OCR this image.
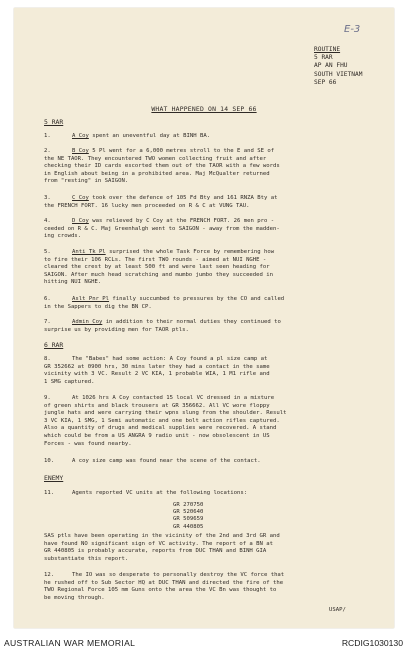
E-3
ROUTINE
5 RAR
AP AN FHU
SOUTH VIETNAM
SEP 66
WHAT HAPPENED ON 14 SEP 66
5 RAR
1.	A Coy spent an uneventful day at BINH BA.
2.	B Coy 5 Pl went for a 6,000 metres stroll to the E and SE of
the NE TAOR. They encountered TWO women collecting fruit and after
checking their ID cards escorted them out of the TAOR with a few words
in English about being in a prohibited area. Maj McQualter returned
from "resting" in SAIGON.
3.	C Coy took over the defence of 105 Fd Bty and 161 RNZA Bty at
the FRENCH FORT. 16 lucky men proceeded on R & C at VUNG TAU.
4.	D Coy was relieved by C Coy at the FRENCH FORT. 26 men pro -
ceeded on R & C. Maj Greenhalgh went to SAIGON - away from the madden-
ing crowds.
5.	Anti Tk Pl surprised the whole Task Force by remembering how
to fire their 106 RCLs. The first TWO rounds - aimed at NUI NGHE -
cleared the crest by at least 500 ft and were last seen heading for
SAIGON. After much head scratching and mumbo jumbo they succeeded in
hitting NUI NGHE.
6.	Aslt Pnr Pl finally succumbed to pressures by the CO and called
in the Sappers to dig the BN CP.
7.	Admin Coy in addition to their normal duties they continued to
surprise us by providing men for TAOR ptls.
6 RAR
8.	The "Babes" had some action: A Coy found a pl size camp at
GR 352662 at 0900 hrs, 30 mins later they had a contact in the same
vicinity with 3 VC. Result 2 VC KIA, 1 probable WIA, 1 M1 rifle and
1 SMG captured.
9.	At 1026 hrs A Coy contacted 15 local VC dressed in a mixture
of green shirts and black trousers at GR 356662. All VC wore floppy
jungle hats and were carrying their wpns slung from the shoulder. Result
3 VC KIA, 1 SMG, 1 Semi automatic and one bolt action rifles captured.
Also a quantity of drugs and medical supplies were recovered. A stand
which could be from a US ANGRA 9 radio unit - now obsolescent in US
Forces - was found nearby.
10.	A coy size camp was found near the scene of the contact.
ENEMY
11.	Agents reported VC units at the following locations:
GR 270750
GR 520640
GR 509659
GR 440805
SAS ptls have been operating in the vicinity of the 2nd and 3rd GR and
have found NO significant sign of VC activity. The report of a BN at
GR 440805 is probably accurate, reports from DUC THAN and BINH GIA
substantiate this report.
12.	The IO was so desperate to personally destroy the VC force that
he rushed off to Sub Sector HQ at DUC THAN and directed the fire of the
TWO Regional Force 105 mm Guns onto the area the VC Bn was thought to
be moving through.
USAP/
AUSTRALIAN WAR MEMORIAL	RCDIG1030130
